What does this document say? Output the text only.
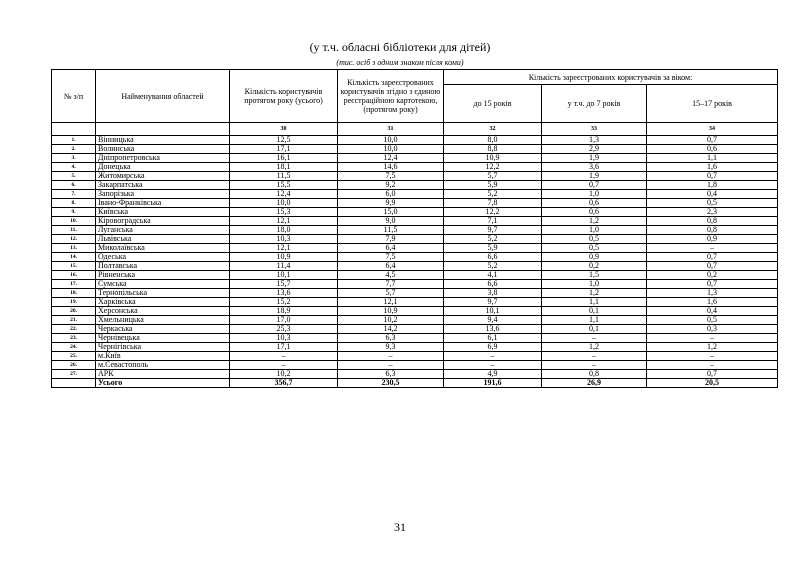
(у т.ч. обласні бібліотеки для дітей)
(тис. осіб з одним знаком після коми)
№ з/п	Найменування областей	Кількість користувачів протягом року (усього)	Кількість зареєстрованих користувачів згідно з єдиною реєстраційною картотекою, (протягом року)	Кількість зареєстрованих користувачів за віком:		
				до 15 років	у т.ч. до 7 років	15–17 років
		30	31	32	33	34
1.	Вінницька	12,5	10,0	8,0	1,3	0,7
2.	Волинська	17,1	10,0	8,8	2,9	0,6
3.	Дніпропетровська	16,1	12,4	10,9	1,9	1,1
4.	Донецька	18,1	14,6	12,2	3,6	1,6
5.	Житомирська	11,5	7,5	5,7	1,9	0,7
6.	Закарпатська	15,5	9,2	5,9	0,7	1,8
7.	Запорізька	12,4	6,0	5,2	1,0	0,4
8.	Івано-Франківська	10,0	9,9	7,8	0,6	0,5
9.	Київська	15,3	15,0	12,2	0,6	2,3
10.	Кіровоградська	12,1	9,0	7,1	1,2	0,8
11.	Луганська	18,0	11,5	9,7	1,0	0,8
12.	Львівська	10,3	7,9	5,2	0,5	0,9
13.	Миколаївська	12,1	6,4	5,9	0,5	–
14.	Одеська	10,9	7,5	6,6	0,9	0,7
15.	Полтавська	11,4	6,4	5,2	0,2	0,7
16.	Рівненська	10,1	4,5	4,1	1,5	0,2
17.	Сумська	15,7	7,7	6,6	1,0	0,7
18.	Тернопільська	13,6	5,7	3,8	1,2	1,3
19.	Харківська	15,2	12,1	9,7	1,1	1,6
20.	Херсонська	18,9	10,9	10,1	0,1	0,4
21.	Хмельницька	17,0	10,2	9,4	1,1	0,5
22.	Черкаська	25,3	14,2	13,6	0,1	0,3
23.	Чернівецька	10,3	6,3	6,1	–	–
24.	Чернігівська	17,1	9,3	6,9	1,2	1,2
25.	м.Київ	–	–	–	–	–
26.	м.Севастополь	–	–	–	–	–
27.	АРК	10,2	6,3	4,9	0,8	0,7
	Усього	356,7	230,5	191,6	26,9	20,5
31
